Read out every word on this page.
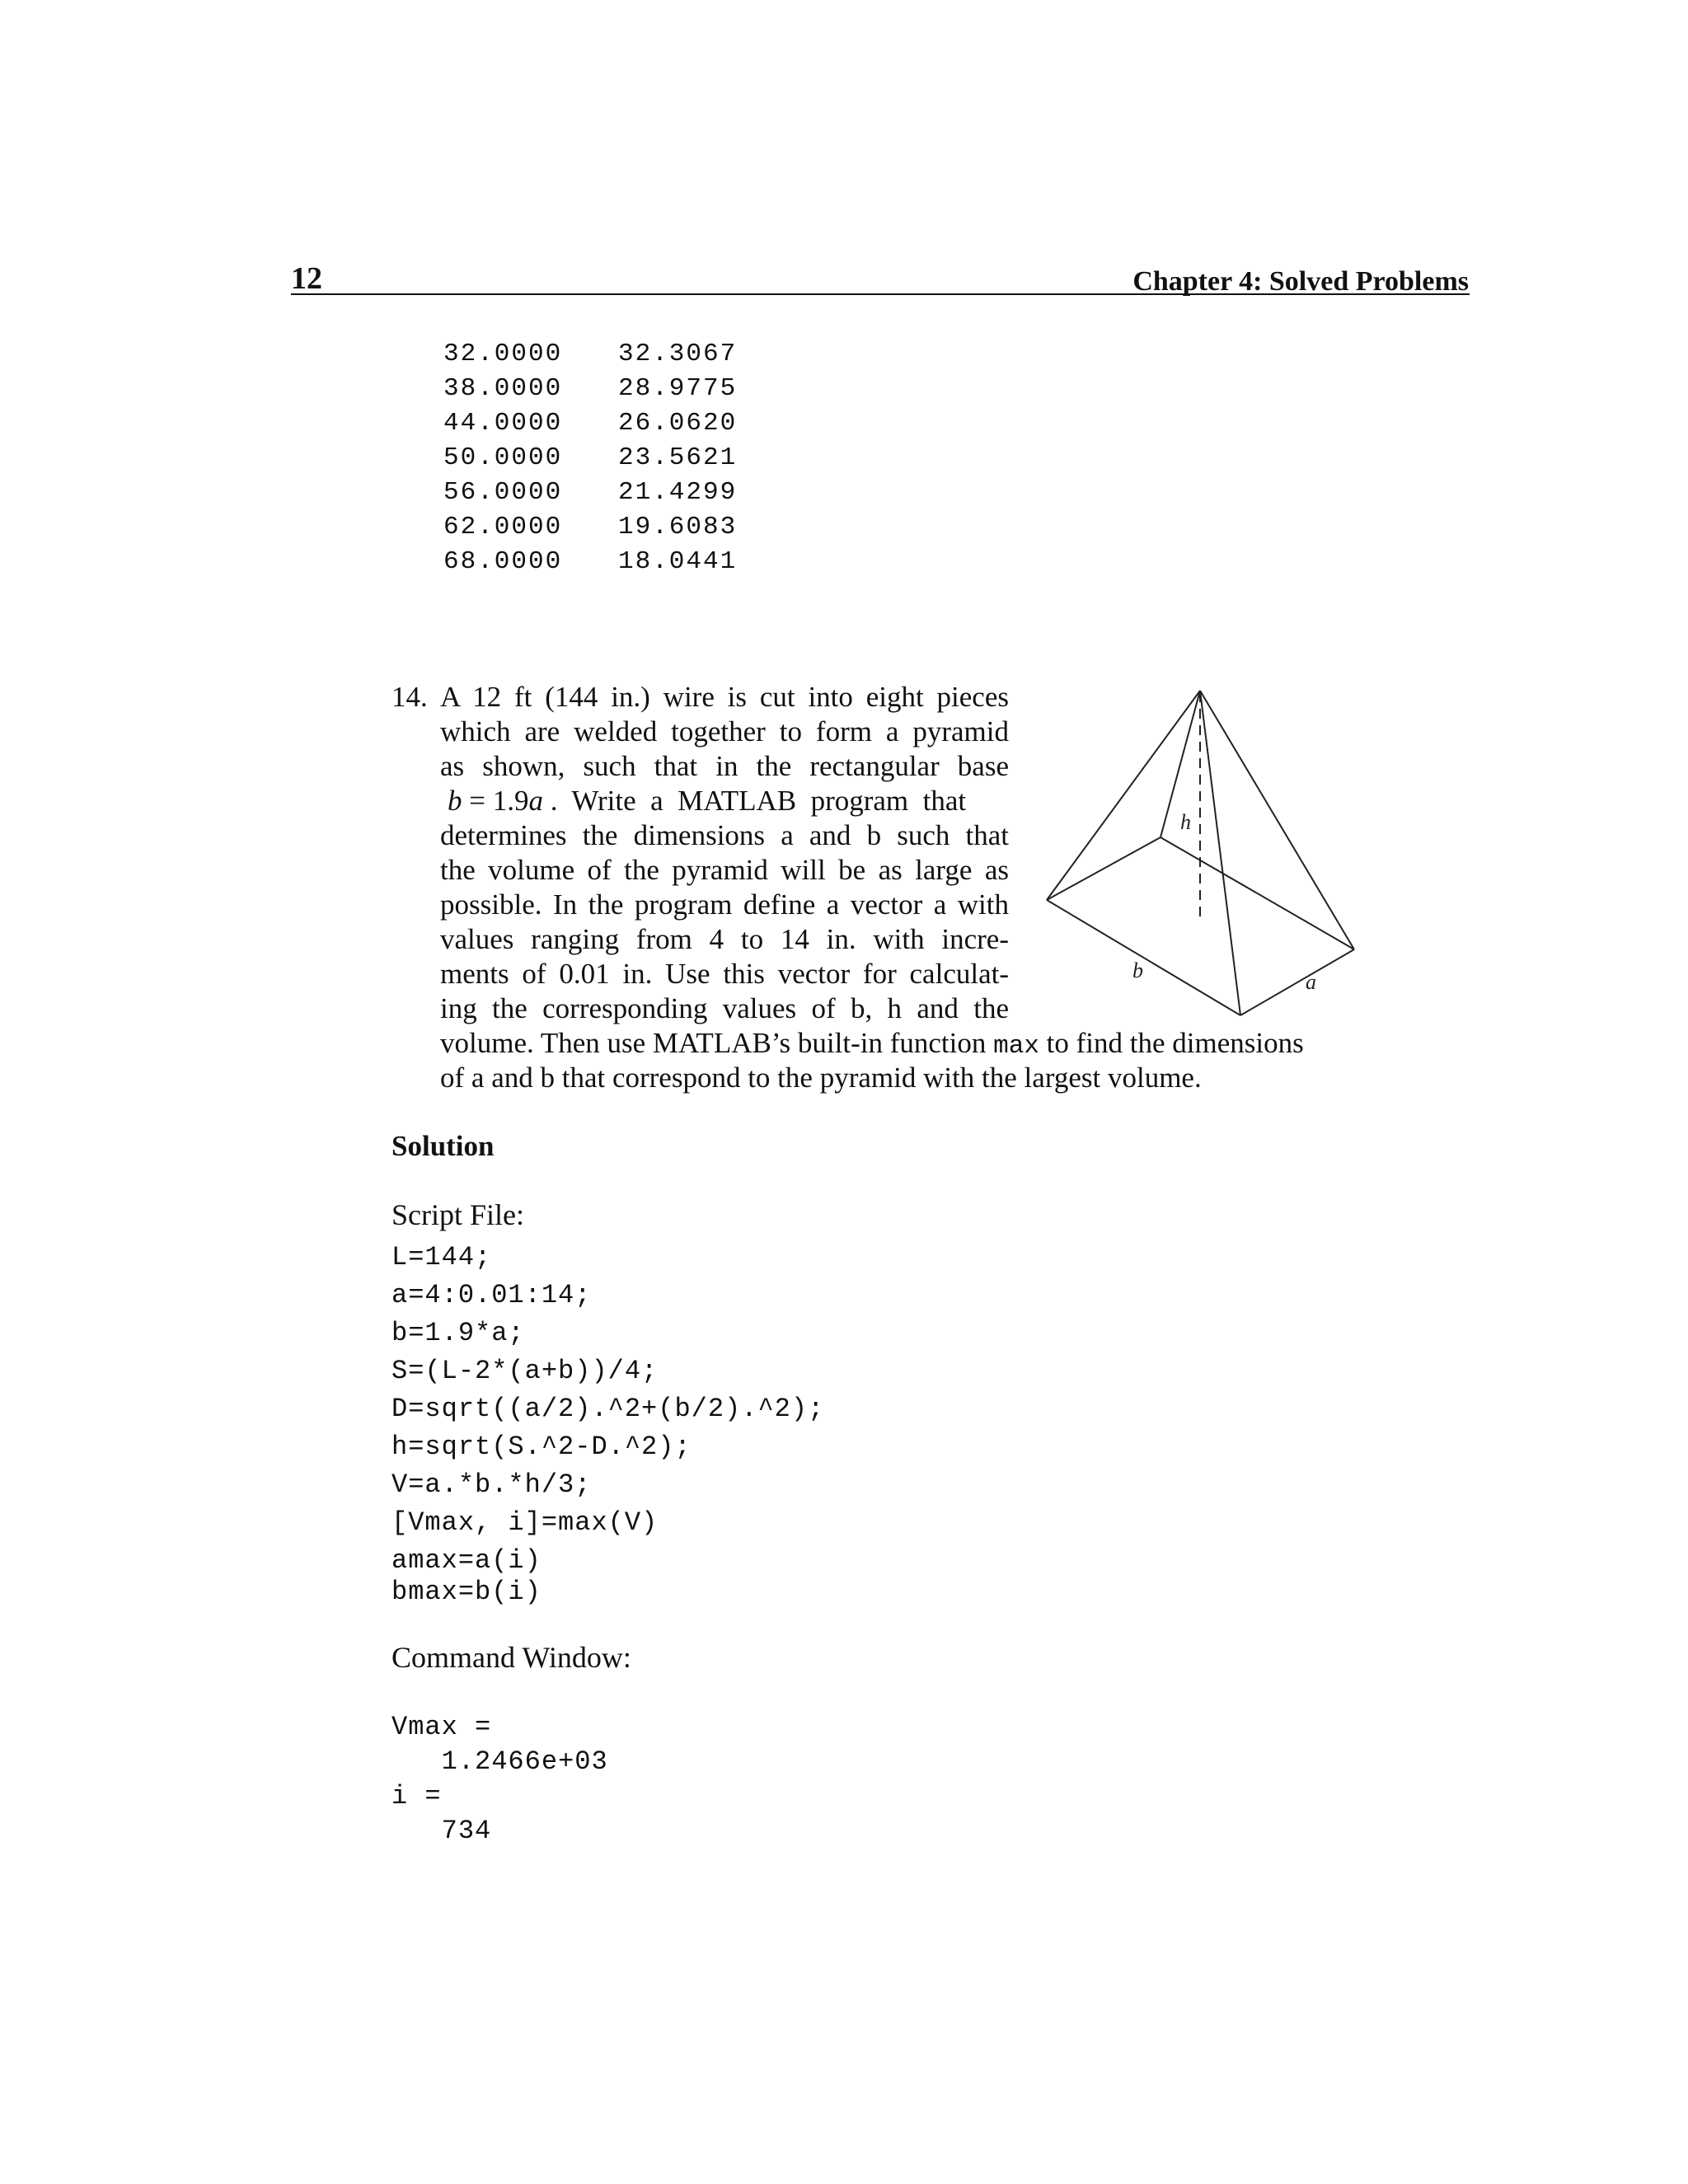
12	Chapter 4: Solved Problems
32.0000 32.3067
38.0000 28.9775
44.0000 26.0620
50.0000 23.5621
56.0000 21.4299
62.0000 19.6083
68.0000 18.0441
14. A 12 ft (144 in.) wire is cut into eight pieces
which are welded together to form a pyramid
as shown, such that in the rectangular base
b = 1.9a .  Write  a  MATLAB  program  that
determines the dimensions a and b such that
the volume of the pyramid will be as large as
possible. In the program define a vector a with
values ranging from 4 to 14 in. with incre-
ments of 0.01 in. Use this vector for calculat-
ing the corresponding values of b, h and the
volume. Then use MATLAB’s built-in function max to find the dimensions
of a and b that correspond to the pyramid with the largest volume.
h
b	a
Solution
Script File:
L=144;
a=4:0.01:14;
b=1.9*a;
S=(L-2*(a+b))/4;
D=sqrt((a/2).^2+(b/2).^2);
h=sqrt(S.^2-D.^2);
V=a.*b.*h/3;
[Vmax, i]=max(V)
amax=a(i)
bmax=b(i)
Command Window:
Vmax =
1.2466e+03
i =
734
